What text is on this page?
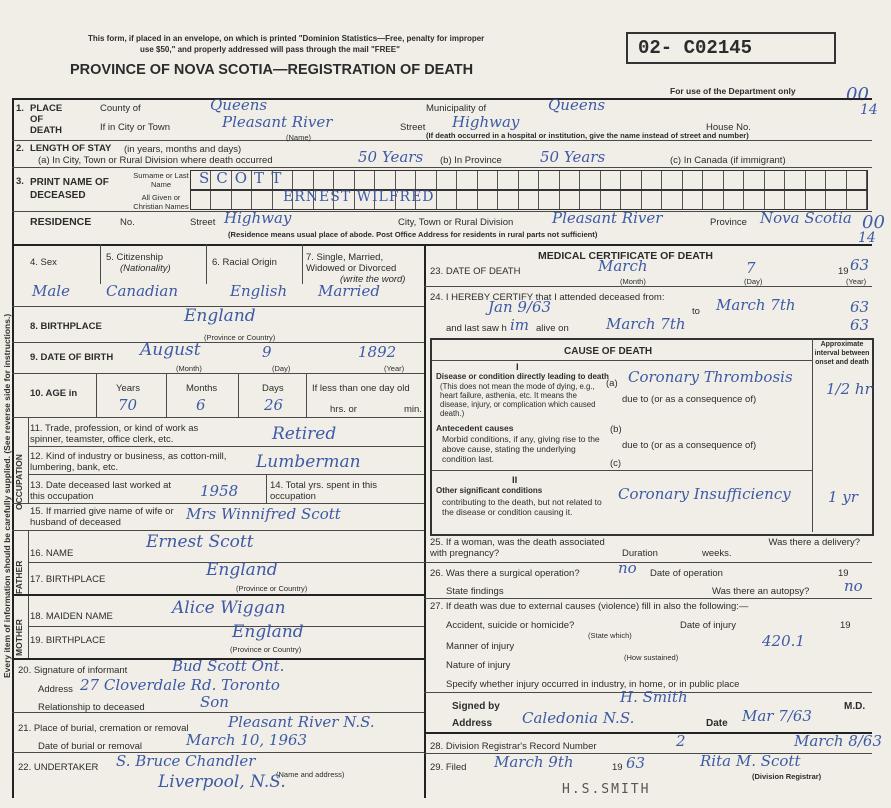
Every item of information should be carefully supplied. (See reverse side for instructions.)
This form, if placed in an envelope, on which is printed "Dominion Statistics—Free, penalty for improper
use $50," and properly addressed will pass through the mail "FREE"
PROVINCE OF NOVA SCOTIA—REGISTRATION OF DEATH
02- C02145
For use of the Department only	00
14
1. PLACE OF DEATH
County of	Queens	Municipality of	Queens
If in City or Town	Pleasant River
(Name)
Street Highway	House No.
(If death occurred in a hospital or institution, give the name instead of street and number)
2. LENGTH OF STAY (in years, months and days)
(a) In City, Town or Rural Division where death occurred	50 Years (b) In Province	50 Years	(c) In Canada (if immigrant)
3. PRINT NAME OF DECEASED
Surname or Last Name
All Given or Christian Names
SCOTT
ERNEST WILFRED
RESIDENCE	No.	Street Highway	City, Town or Rural Division	Pleasant River	Province Nova Scotia
(Residence means usual place of abode. Post Office Address for residents in rural parts not sufficient)
00
14
4. Sex
Male
5. Citizenship
(Nationality)
Canadian
6. Racial Origin
English
7. Single, Married, Widowed or Divorced
(write the word)
Married
8. BIRTHPLACE
England
(Province or Country)
9. DATE OF BIRTH August	9	1892
(Month)	(Day)	(Year)
10. AGE in	Years	Months	Days	If less than one day old
hrs. or	min.
70	6	26
OCCUPATION
11. Trade, profession, or kind of work as spinner, teamster, office clerk, etc.	Retired
12. Kind of industry or business, as cotton-mill, lumbering, bank, etc.	Lumberman
13. Date deceased last worked at this occupation	1958	14. Total yrs. spent in this occupation
15. If married give name of wife or husband of deceased	Mrs Winnifred Scott
FATHER
MOTHER
16. NAME
Ernest Scott
17. BIRTHPLACE	England
(Province or Country)
18. MAIDEN NAME	Alice Wiggan
19. BIRTHPLACE	England
(Province or Country)
20. Signature of informant	Bud Scott Ont.
Address 27 Cloverdale Rd. Toronto
Relationship to deceased	Son
21. Place of burial, cremation or removal	Pleasant River N.S.
Date of burial or removal	March 10, 1963
22. UNDERTAKER S. Bruce Chandler
(Name and address)
Liverpool, N.S.
MEDICAL CERTIFICATE OF DEATH
23. DATE OF DEATH	March	7	19 63
(Month)	(Day)	(Year)
24. I HEREBY CERTIFY that I attended deceased from:
Jan 9/63	to March 7th	63
and last saw h im alive on March 7th	63
CAUSE OF DEATH
Approximate interval between onset and death
I
Disease or condition directly leading to death
(This does not mean the mode of dying, e.g., heart failure, asthenia, etc. It means the disease, injury, or complication which caused death.)
(a) Coronary Thrombosis
1/2 hr
due to (or as a consequence of)
Antecedent causes
Morbid conditions, if any, giving rise to the above cause, stating the underlying condition last.
(b)
due to (or as a consequence of)
(c)
II
Other significant conditions
contributing to the death, but not related to the disease or condition causing it.
Coronary Insufficiency	1 yr
25. If a woman, was the death associated with pregnancy?	Duration	weeks.
Was there a delivery?
26. Was there a surgical operation?	no Date of operation	19
State findings	Was there an autopsy? no
27. If death was due to external causes (violence) fill in also the following:—
Accident, suicide or homicide?	Date of injury	19
(State which)
Manner of injury	420.1
(How sustained)
Nature of injury
Specify whether injury occurred in industry, in home, or in public place
Signed by
H. Smith
M.D.
Address Caledonia N.S.	Date Mar 7/63
28. Division Registrar's Record Number	2	March 8/63
29. Filed March 9th	19 63	Rita M. Scott
(Division Registrar)
H.S.SMITH
